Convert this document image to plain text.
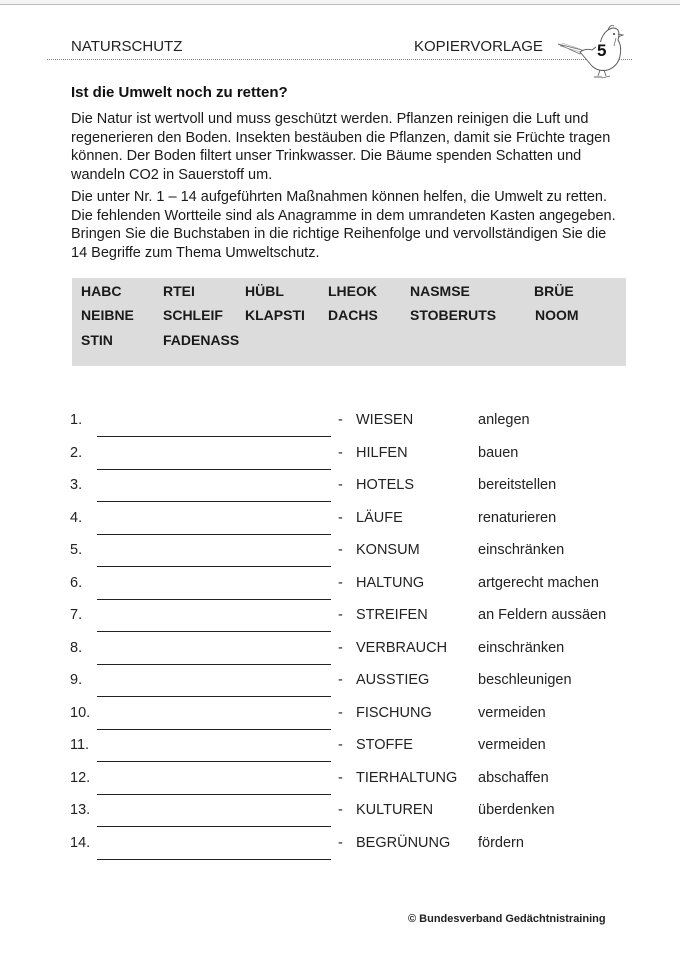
NATURSCHUTZ	KOPIERVORLAGE	5
Ist die Umwelt noch zu retten?
Die Natur ist wertvoll und muss geschützt werden. Pflanzen reinigen die Luft und
regenerieren den Boden. Insekten bestäuben die Pflanzen, damit sie Früchte tragen
können. Der Boden filtert unser Trinkwasser. Die Bäume spenden Schatten und
wandeln CO2 in Sauerstoff um.
Die unter Nr. 1 – 14 aufgeführten Maßnahmen können helfen, die Umwelt zu retten.
Die fehlenden Wortteile sind als Anagramme in dem umrandeten Kasten angegeben.
Bringen Sie die Buchstaben in die richtige Reihenfolge und vervollständigen Sie die
14 Begriffe zum Thema Umweltschutz.
HABC	RTEI	HÜBL	LHEOK NASMSE	BRÜE
NEIBNE SCHLEIF KLAPSTI DACHS STOBERUTS	NOOM
STIN	FADENASS
1.	- WIESEN	anlegen
2.	- HILFEN	bauen
3.	- HOTELS	bereitstellen
4.	- LÄUFE	renaturieren
5.	- KONSUM	einschränken
6.	- HALTUNG	artgerecht machen
7.	- STREIFEN	an Feldern aussäen
8.	- VERBRAUCH einschränken
9.	- AUSSTIEG	beschleunigen
10.	- FISCHUNG	vermeiden
11.	- STOFFE	vermeiden
12.	- TIERHALTUNG abschaffen
13.	- KULTUREN	überdenken
14.	- BEGRÜNUNG fördern
© Bundesverband Gedächtnistraining
